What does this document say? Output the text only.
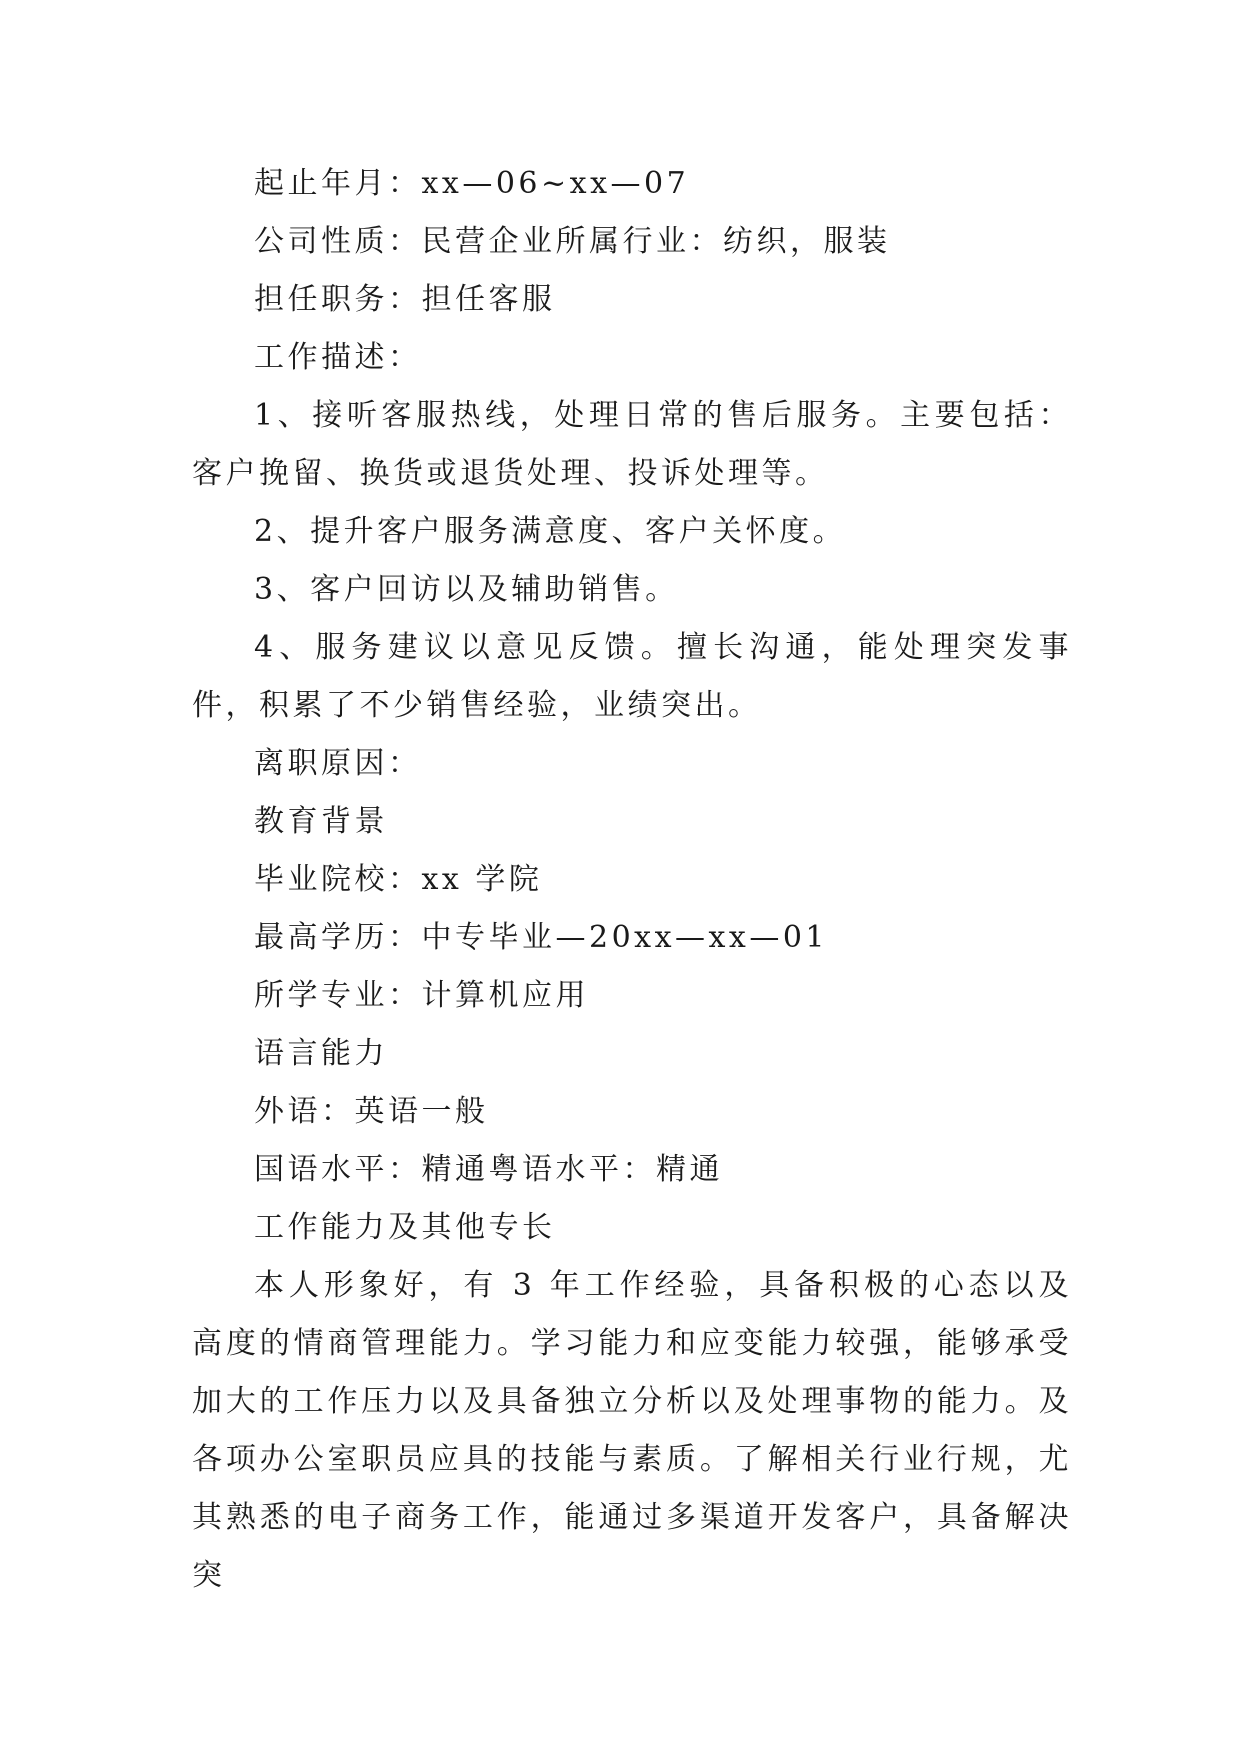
起止年月：xx—06~xx—07

公司性质：民营企业所属行业：纺织，服装

担任职务：担任客服

工作描述：

1、接听客服热线，处理日常的售后服务。主要包括：客户挽留、换货或退货处理、投诉处理等。

2、提升客户服务满意度、客户关怀度。

3、客户回访以及辅助销售。

4、服务建议以意见反馈。擅长沟通，能处理突发事件，积累了不少销售经验，业绩突出。

离职原因：

教育背景

毕业院校：xx 学院

最高学历：中专毕业—20xx—xx—01

所学专业：计算机应用

语言能力

外语：英语一般

国语水平：精通粤语水平：精通

工作能力及其他专长

本人形象好，有 3 年工作经验，具备积极的心态以及高度的情商管理能力。学习能力和应变能力较强，能够承受加大的工作压力以及具备独立分析以及处理事物的能力。及各项办公室职员应具的技能与素质。了解相关行业行规，尤其熟悉的电子商务工作，能通过多渠道开发客户，具备解决突
